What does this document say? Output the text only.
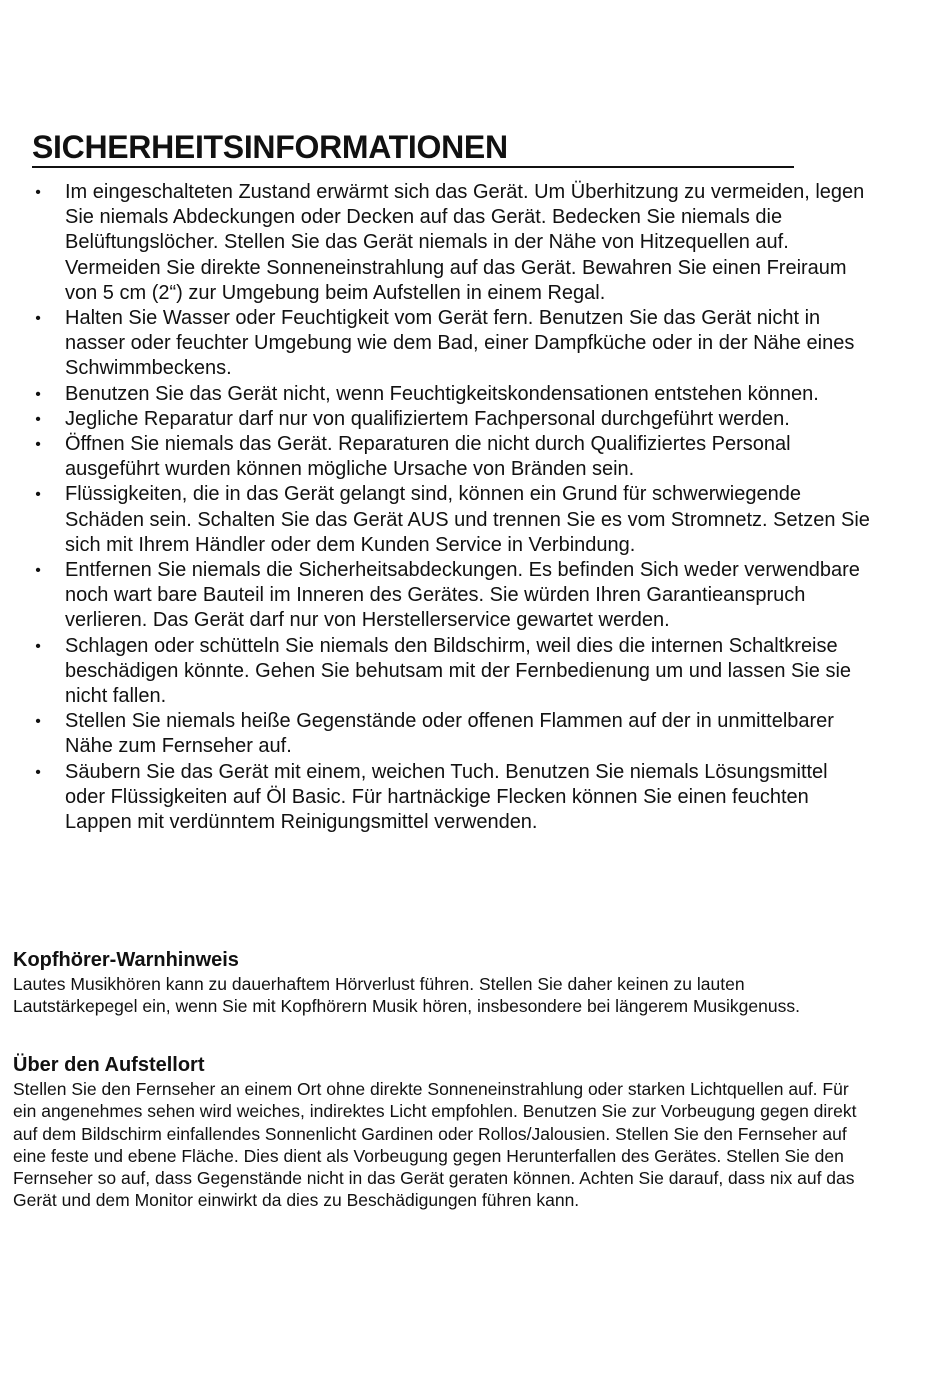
SICHERHEITSINFORMATIONEN
• Im eingeschalteten Zustand erwärmt sich das Gerät. Um Überhitzung zu vermeiden, legen Sie niemals Abdeckungen oder Decken auf das Gerät. Bedecken Sie niemals die Belüftungslöcher. Stellen Sie das Gerät niemals in der Nähe von Hitzequellen auf. Vermeiden Sie direkte Sonneneinstrahlung auf das Gerät. Bewahren Sie einen Freiraum von 5 cm (2“) zur Umgebung beim Aufstellen in einem Regal.
• Halten Sie Wasser oder Feuchtigkeit vom Gerät fern. Benutzen Sie das Gerät nicht in nasser oder feuchter Umgebung wie dem Bad, einer Dampfküche oder in der Nähe eines Schwimmbeckens.
• Benutzen Sie das Gerät nicht, wenn Feuchtigkeitskondensationen entstehen können.
• Jegliche Reparatur darf nur von qualifiziertem Fachpersonal durchgeführt werden.
• Öffnen Sie niemals das Gerät. Reparaturen die nicht durch Qualifiziertes Personal ausgeführt wurden können mögliche Ursache von Bränden sein.
• Flüssigkeiten, die in das Gerät gelangt sind, können ein Grund für schwerwiegende Schäden sein. Schalten Sie das Gerät AUS und trennen Sie es vom Stromnetz. Setzen Sie sich mit Ihrem Händler oder dem Kunden Service in Verbindung.
• Entfernen Sie niemals die Sicherheitsabdeckungen. Es befinden Sich weder verwendbare noch wart bare Bauteil im Inneren des Gerätes. Sie würden Ihren Garantieanspruch verlieren. Das Gerät darf nur von Herstellerservice gewartet werden.
• Schlagen oder schütteln Sie niemals den Bildschirm, weil dies die internen Schaltkreise beschädigen könnte. Gehen Sie behutsam mit der Fernbedienung um und lassen Sie sie nicht fallen.
• Stellen Sie niemals heiße Gegenstände oder offenen Flammen auf der in unmittelbarer Nähe zum Fernseher auf.
• Säubern Sie das Gerät mit einem, weichen Tuch. Benutzen Sie niemals Lösungsmittel oder Flüssigkeiten auf Öl Basic. Für hartnäckige Flecken können Sie einen feuchten Lappen mit verdünntem Reinigungsmittel verwenden.
Kopfhörer-Warnhinweis

Lautes Musikhören kann zu dauerhaftem Hörverlust führen. Stellen Sie daher keinen zu lauten Lautstärkepegel ein, wenn Sie mit Kopfhörern Musik hören, insbesondere bei längerem Musikgenuss.

Über den Aufstellort

Stellen Sie den Fernseher an einem Ort ohne direkte Sonneneinstrahlung oder starken Lichtquellen auf. Für ein angenehmes sehen wird weiches, indirektes Licht empfohlen. Benutzen Sie zur Vorbeugung gegen direkt auf dem Bildschirm einfallendes Sonnenlicht Gardinen oder Rollos/Jalousien. Stellen Sie den Fernseher auf eine feste und ebene Fläche. Dies dient als Vorbeugung gegen Herunterfallen des Gerätes. Stellen Sie den Fernseher so auf, dass Gegenstände nicht in das Gerät geraten können. Achten Sie darauf, dass nix auf das Gerät und dem Monitor einwirkt da dies zu Beschädigungen führen kann.
